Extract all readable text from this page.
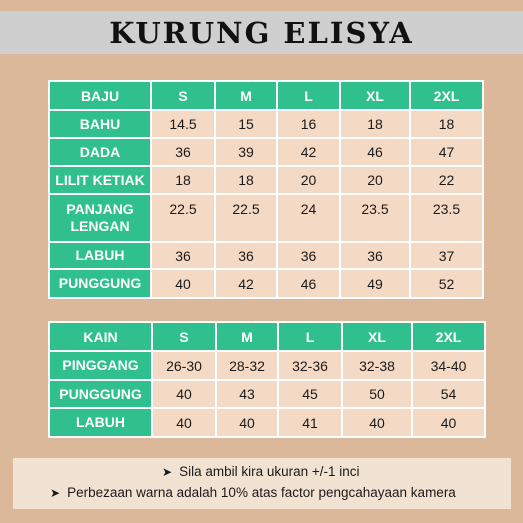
KURUNG ELISYA
BAJU	S	M	L	XL	2XL
BAHU	14.5	15	16	18	18
DADA	36	39	42	46	47
LILIT KETIAK	18	18	20	20	22
PANJANG LENGAN	22.5	22.5	24	23.5	23.5
LABUH	36	36	36	36	37
PUNGGUNG	40	42	46	49	52
KAIN	S	M	L	XL	2XL
PINGGANG	26-30	28-32	32-36	32-38	34-40
PUNGGUNG	40	43	45	50	54
LABUH	40	40	41	40	40
➤ Sila ambil kira ukuran +/-1 inci
➤ Perbezaan warna adalah 10% atas factor pengcahayaan kamera
